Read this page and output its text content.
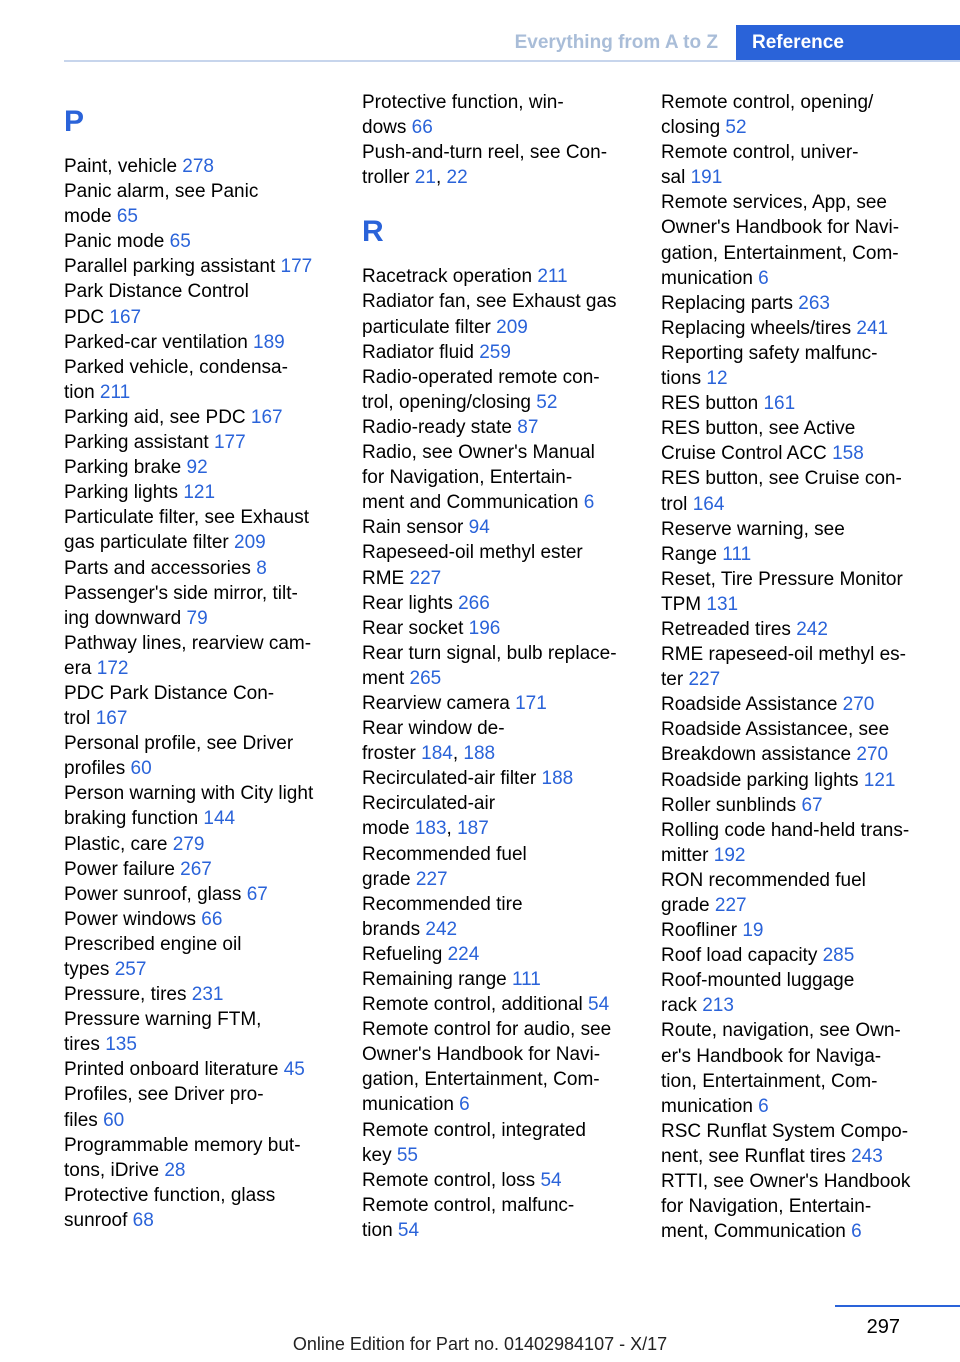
Everything from A to Z	Reference
P
Paint, vehicle 278
Panic alarm, see Panic
mode 65
Panic mode 65
Parallel parking assistant 177
Park Distance Control
PDC 167
Parked-car ventilation 189
Parked vehicle, condensa-
tion 211
Parking aid, see PDC 167
Parking assistant 177
Parking brake 92
Parking lights 121
Particulate filter, see Exhaust
gas particulate filter 209
Parts and accessories 8
Passenger's side mirror, tilt-
ing downward 79
Pathway lines, rearview cam-
era 172
PDC Park Distance Con-
trol 167
Personal profile, see Driver
profiles 60
Person warning with City light
braking function 144
Plastic, care 279
Power failure 267
Power sunroof, glass 67
Power windows 66
Prescribed engine oil
types 257
Pressure, tires 231
Pressure warning FTM,
tires 135
Printed onboard literature 45
Profiles, see Driver pro-
files 60
Programmable memory but-
tons, iDrive 28
Protective function, glass
sunroof 68
Protective function, win-
dows 66
Push-and-turn reel, see Con-
troller 21, 22
R
Racetrack operation 211
Radiator fan, see Exhaust gas
particulate filter 209
Radiator fluid 259
Radio-operated remote con-
trol, opening/closing 52
Radio-ready state 87
Radio, see Owner's Manual
for Navigation, Entertain-
ment and Communication 6
Rain sensor 94
Rapeseed-oil methyl ester
RME 227
Rear lights 266
Rear socket 196
Rear turn signal, bulb replace-
ment 265
Rearview camera 171
Rear window de-
froster 184, 188
Recirculated-air filter 188
Recirculated-air
mode 183, 187
Recommended fuel
grade 227
Recommended tire
brands 242
Refueling 224
Remaining range 111
Remote control, additional 54
Remote control for audio, see
Owner's Handbook for Navi-
gation, Entertainment, Com-
munication 6
Remote control, integrated
key 55
Remote control, loss 54
Remote control, malfunc-
tion 54
Remote control, opening/
closing 52
Remote control, univer-
sal 191
Remote services, App, see
Owner's Handbook for Navi-
gation, Entertainment, Com-
munication 6
Replacing parts 263
Replacing wheels/tires 241
Reporting safety malfunc-
tions 12
RES button 161
RES button, see Active
Cruise Control ACC 158
RES button, see Cruise con-
trol 164
Reserve warning, see
Range 111
Reset, Tire Pressure Monitor
TPM 131
Retreaded tires 242
RME rapeseed-oil methyl es-
ter 227
Roadside Assistance 270
Roadside Assistancee, see
Breakdown assistance 270
Roadside parking lights 121
Roller sunblinds 67
Rolling code hand-held trans-
mitter 192
RON recommended fuel
grade 227
Roofliner 19
Roof load capacity 285
Roof-mounted luggage
rack 213
Route, navigation, see Own-
er's Handbook for Naviga-
tion, Entertainment, Com-
munication 6
RSC Runflat System Compo-
nent, see Runflat tires 243
RTTI, see Owner's Handbook
for Navigation, Entertain-
ment, Communication 6
297
Online Edition for Part no. 01402984107 - X/17
